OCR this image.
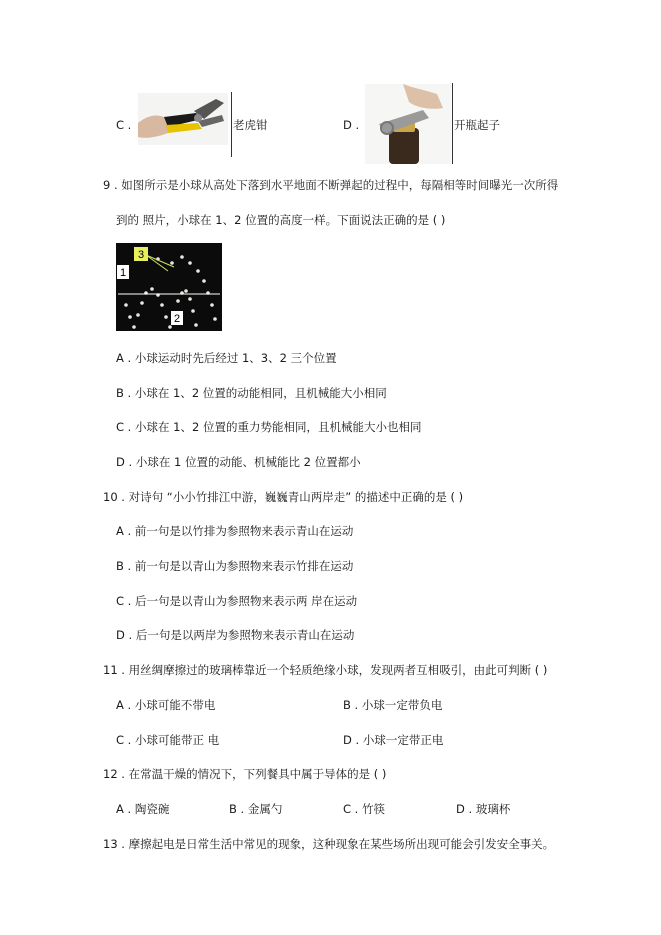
C .	老虎钳	D .	开瓶起子
9 . 如图所示是小球从高处下落到水平地面不断弹起的过程中，每隔相等时间曝光一次所得
到的 照片，小球在 1、2 位置的高度一样。下面说法正确的是 ( )
3
1
2
A . 小球运动时先后经过 1、3、2 三个位置
B . 小球在 1、2 位置的动能相同，且机械能大小相同
C . 小球在 1、2 位置的重力势能相同，且机械能大小也相同
D . 小球在 1 位置的动能、机械能比 2 位置都小
10 . 对诗句 “小小竹排江中游，巍巍青山两岸走” 的描述中正确的是 ( )
A . 前一句是以竹排为参照物来表示青山在运动
B . 前一句是以青山为参照物来表示竹排在运动
C . 后一句是以青山为参照物来表示两 岸在运动
D . 后一句是以两岸为参照物来表示青山在运动
11 . 用丝绸摩擦过的玻璃棒靠近一个轻质绝缘小球，发现两者互相吸引，由此可判断 ( )
A . 小球可能不带电	B . 小球一定带负电
C . 小球可能带正 电	D . 小球一定带正电
12 . 在常温干燥的情况下，下列餐具中属于导体的是 ( )
A . 陶瓷碗	B . 金属勺	C . 竹筷	D . 玻璃杯
13 . 摩擦起电是日常生活中常见的现象，这种现象在某些场所出现可能会引发安全事关。
